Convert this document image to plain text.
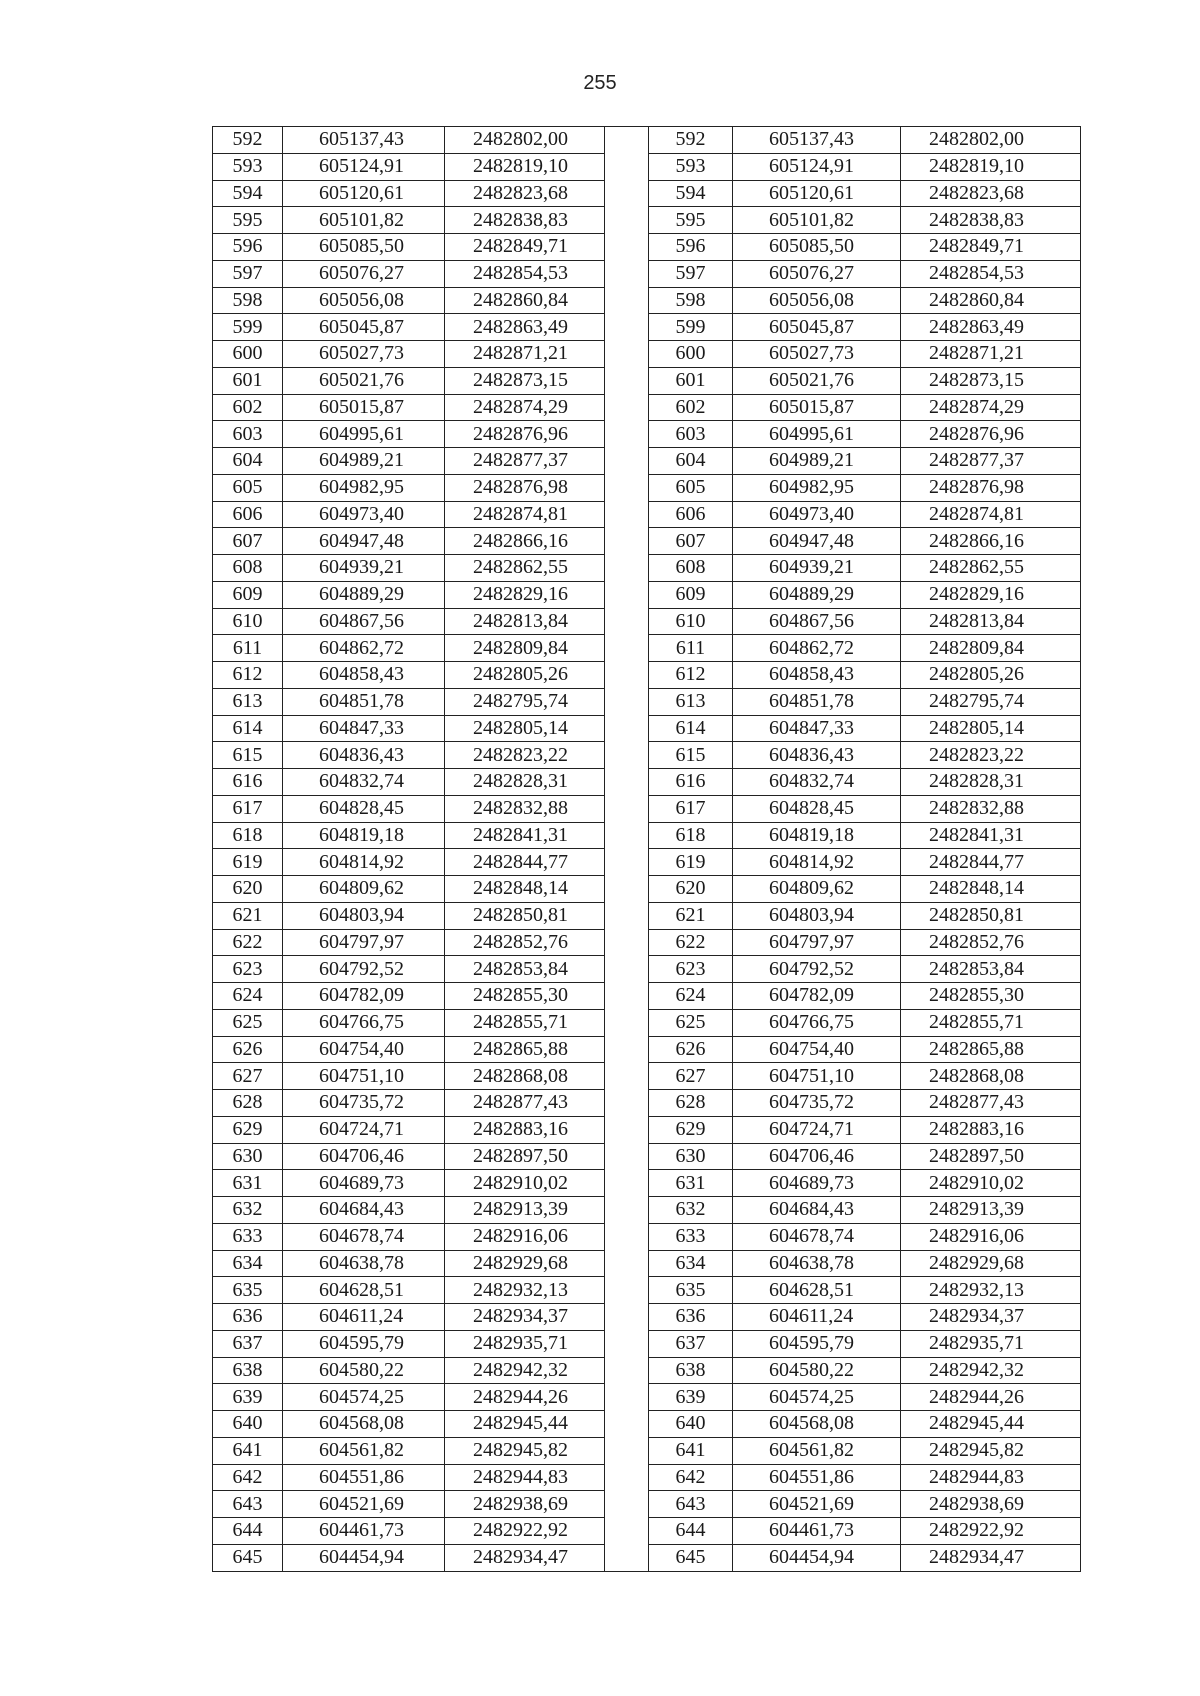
255
592	605137,43	2482802,00		592	605137,43	2482802,00
593	605124,91	2482819,10		593	605124,91	2482819,10
594	605120,61	2482823,68		594	605120,61	2482823,68
595	605101,82	2482838,83		595	605101,82	2482838,83
596	605085,50	2482849,71		596	605085,50	2482849,71
597	605076,27	2482854,53		597	605076,27	2482854,53
598	605056,08	2482860,84		598	605056,08	2482860,84
599	605045,87	2482863,49		599	605045,87	2482863,49
600	605027,73	2482871,21		600	605027,73	2482871,21
601	605021,76	2482873,15		601	605021,76	2482873,15
602	605015,87	2482874,29		602	605015,87	2482874,29
603	604995,61	2482876,96		603	604995,61	2482876,96
604	604989,21	2482877,37		604	604989,21	2482877,37
605	604982,95	2482876,98		605	604982,95	2482876,98
606	604973,40	2482874,81		606	604973,40	2482874,81
607	604947,48	2482866,16		607	604947,48	2482866,16
608	604939,21	2482862,55		608	604939,21	2482862,55
609	604889,29	2482829,16		609	604889,29	2482829,16
610	604867,56	2482813,84		610	604867,56	2482813,84
611	604862,72	2482809,84		611	604862,72	2482809,84
612	604858,43	2482805,26		612	604858,43	2482805,26
613	604851,78	2482795,74		613	604851,78	2482795,74
614	604847,33	2482805,14		614	604847,33	2482805,14
615	604836,43	2482823,22		615	604836,43	2482823,22
616	604832,74	2482828,31		616	604832,74	2482828,31
617	604828,45	2482832,88		617	604828,45	2482832,88
618	604819,18	2482841,31		618	604819,18	2482841,31
619	604814,92	2482844,77		619	604814,92	2482844,77
620	604809,62	2482848,14		620	604809,62	2482848,14
621	604803,94	2482850,81		621	604803,94	2482850,81
622	604797,97	2482852,76		622	604797,97	2482852,76
623	604792,52	2482853,84		623	604792,52	2482853,84
624	604782,09	2482855,30		624	604782,09	2482855,30
625	604766,75	2482855,71		625	604766,75	2482855,71
626	604754,40	2482865,88		626	604754,40	2482865,88
627	604751,10	2482868,08		627	604751,10	2482868,08
628	604735,72	2482877,43		628	604735,72	2482877,43
629	604724,71	2482883,16		629	604724,71	2482883,16
630	604706,46	2482897,50		630	604706,46	2482897,50
631	604689,73	2482910,02		631	604689,73	2482910,02
632	604684,43	2482913,39		632	604684,43	2482913,39
633	604678,74	2482916,06		633	604678,74	2482916,06
634	604638,78	2482929,68		634	604638,78	2482929,68
635	604628,51	2482932,13		635	604628,51	2482932,13
636	604611,24	2482934,37		636	604611,24	2482934,37
637	604595,79	2482935,71		637	604595,79	2482935,71
638	604580,22	2482942,32		638	604580,22	2482942,32
639	604574,25	2482944,26		639	604574,25	2482944,26
640	604568,08	2482945,44		640	604568,08	2482945,44
641	604561,82	2482945,82		641	604561,82	2482945,82
642	604551,86	2482944,83		642	604551,86	2482944,83
643	604521,69	2482938,69		643	604521,69	2482938,69
644	604461,73	2482922,92		644	604461,73	2482922,92
645	604454,94	2482934,47		645	604454,94	2482934,47
